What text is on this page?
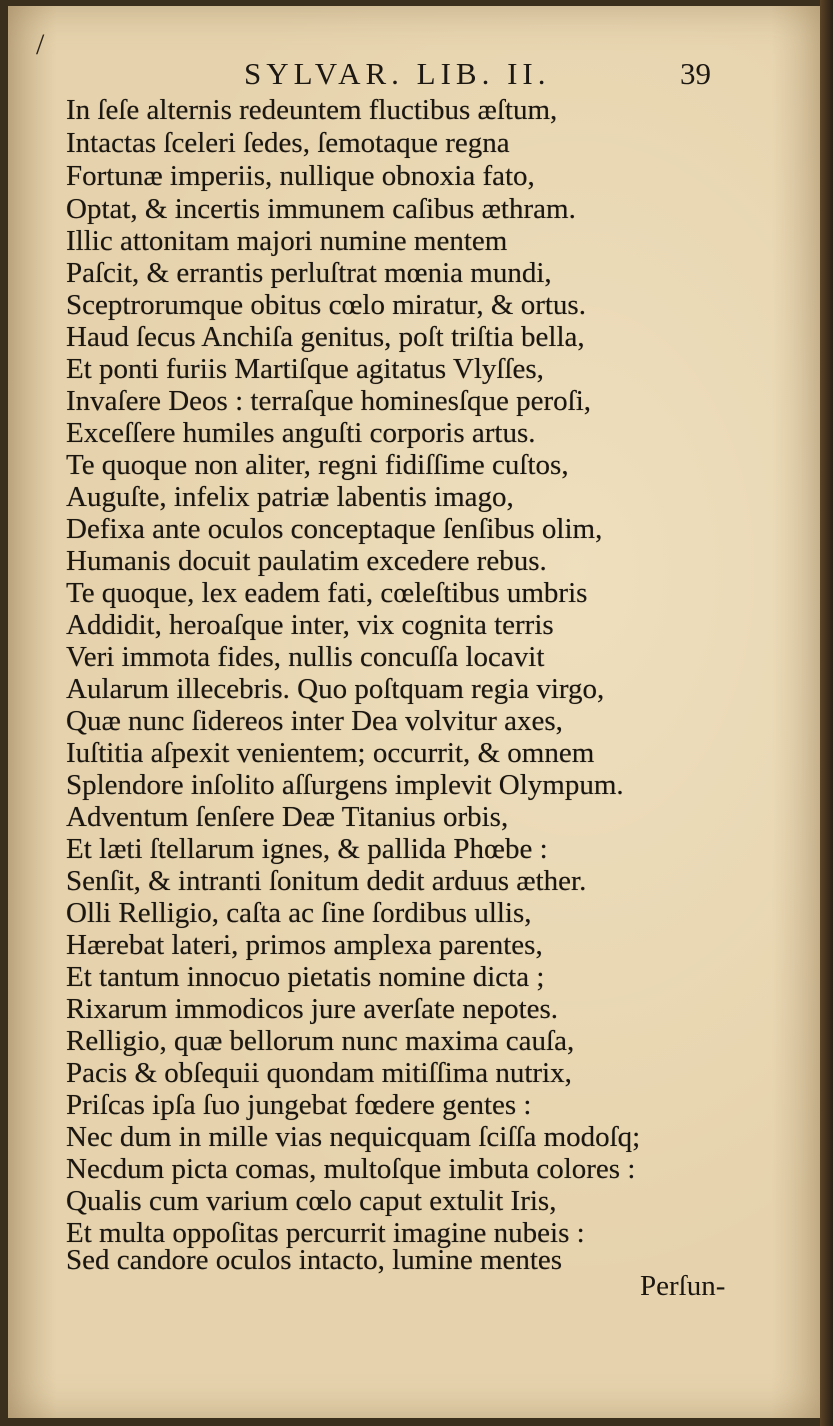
/
SYLVAR. LIB. II.	39
In ſeſe alternis redeuntem fluctibus æſtum,
Intactas ſceleri ſedes, ſemotaque regna
Fortunæ imperiis, nullique obnoxia fato,
Optat, & incertis immunem caſibus æthram.
Illic attonitam majori numine mentem
Paſcit, & errantis perluſtrat mœnia mundi,
Sceptrorumque obitus cœlo miratur, & ortus.
Haud ſecus Anchiſa genitus, poſt triſtia bella,
Et ponti furiis Martiſque agitatus Vlyſſes,
Invaſere Deos : terraſque hominesſque peroſi,
Exceſſere humiles anguſti corporis artus.
Te quoque non aliter, regni fidiſſime cuſtos,
Auguſte, infelix patriæ labentis imago,
Defixa ante oculos conceptaque ſenſibus olim,
Humanis docuit paulatim excedere rebus.
Te quoque, lex eadem fati, cœleſtibus umbris
Addidit, heroaſque inter, vix cognita terris
Veri immota fides, nullis concuſſa locavit
Aularum illecebris. Quo poſtquam regia virgo,
Quæ nunc ſidereos inter Dea volvitur axes,
Iuſtitia aſpexit venientem; occurrit, & omnem
Splendore inſolito aſſurgens implevit Olympum.
Adventum ſenſere Deæ Titanius orbis,
Et læti ſtellarum ignes, & pallida Phœbe :
Senſit, & intranti ſonitum dedit arduus æther.
Olli Relligio, caſta ac ſine ſordibus ullis,
Hærebat lateri, primos amplexa parentes,
Et tantum innocuo pietatis nomine dicta ;
Rixarum immodicos jure averſate nepotes.
Relligio, quæ bellorum nunc maxima cauſa,
Pacis & obſequii quondam mitiſſima nutrix,
Priſcas ipſa ſuo jungebat fœdere gentes :
Nec dum in mille vias nequicquam ſciſſa modoſq;
Necdum picta comas, multoſque imbuta colores :
Qualis cum varium cœlo caput extulit Iris,
Et multa oppoſitas percurrit imagine nubeis :
Sed candore oculos intacto, lumine mentes
Perſun-
